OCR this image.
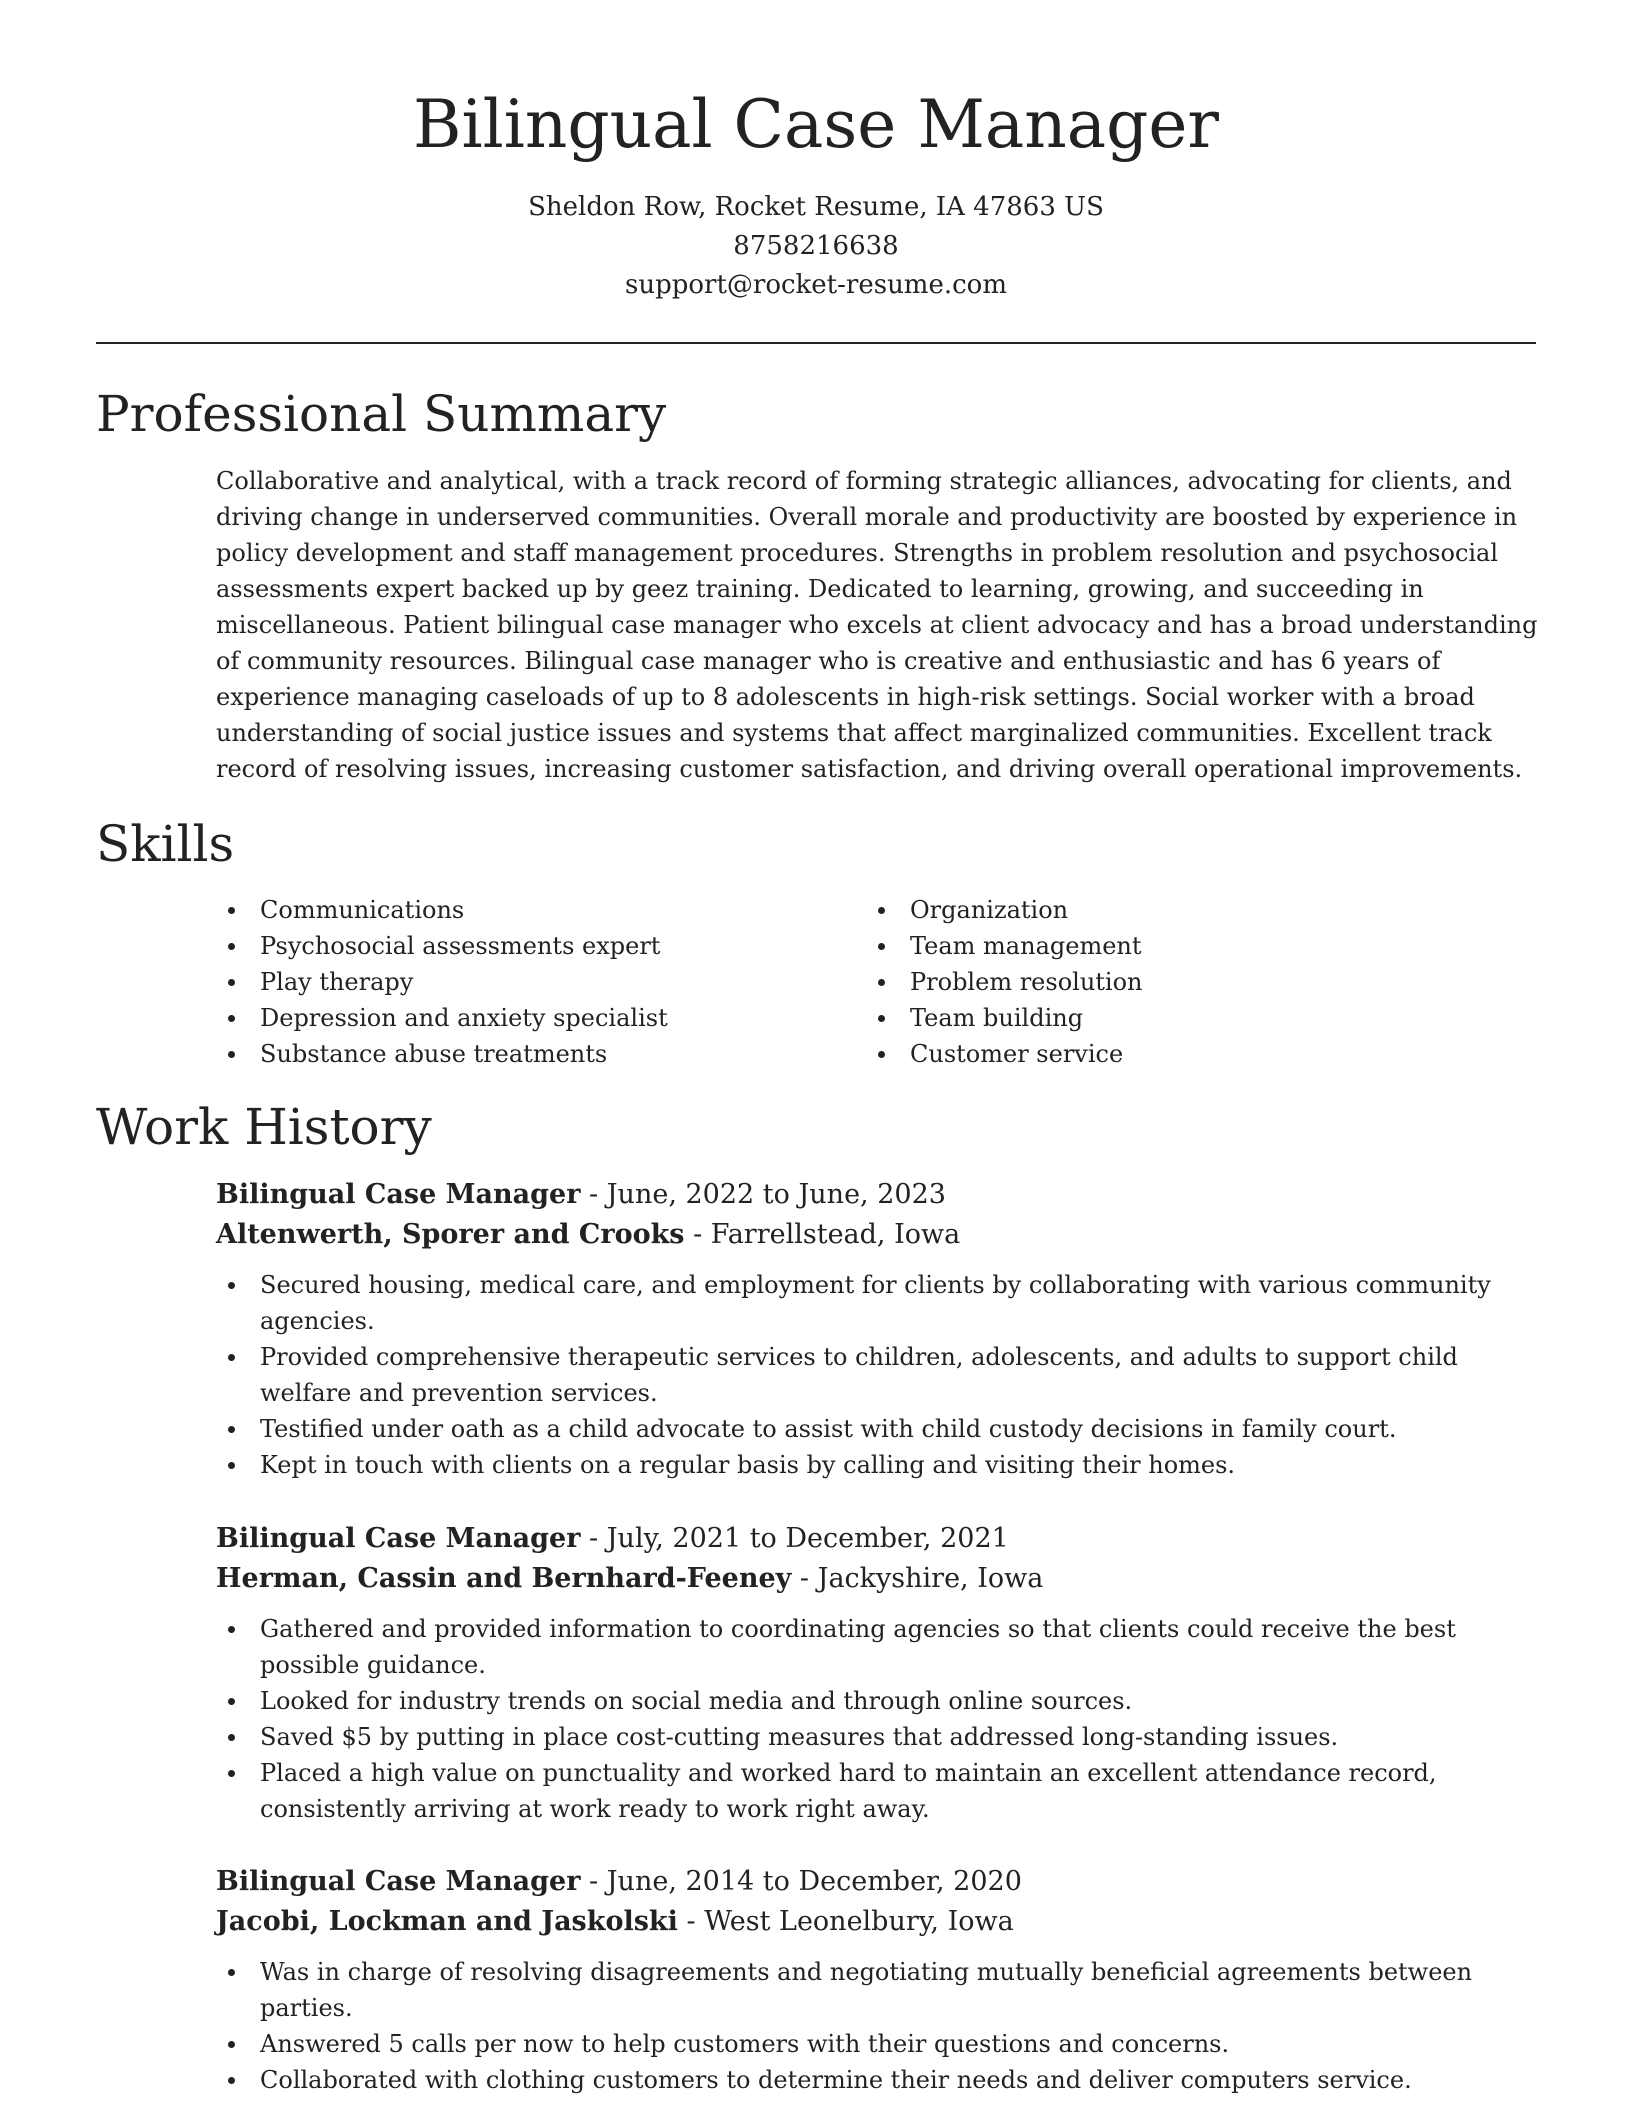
Bilingual Case Manager
Sheldon Row, Rocket Resume, IA 47863 US
8758216638
support@rocket-resume.com
Professional Summary
Collaborative and analytical, with a track record of forming strategic alliances, advocating for clients, and driving change in underserved communities. Overall morale and productivity are boosted by experience in policy development and staff management procedures. Strengths in problem resolution and psychosocial assessments expert backed up by geez training. Dedicated to learning, growing, and succeeding in miscellaneous. Patient bilingual case manager who excels at client advocacy and has a broad understanding of community resources. Bilingual case manager who is creative and enthusiastic and has 6 years of experience managing caseloads of up to 8 adolescents in high-risk settings. Social worker with a broad understanding of social justice issues and systems that affect marginalized communities. Excellent track record of resolving issues, increasing customer satisfaction, and driving overall operational improvements.
Skills
Communications
Psychosocial assessments expert
Play therapy
Depression and anxiety specialist
Substance abuse treatments
Organization
Team management
Problem resolution
Team building
Customer service
Work History
Bilingual Case Manager - June, 2022 to June, 2023
Altenwerth, Sporer and Crooks - Farrellstead, Iowa
Secured housing, medical care, and employment for clients by collaborating with various community agencies.
Provided comprehensive therapeutic services to children, adolescents, and adults to support child welfare and prevention services.
Testified under oath as a child advocate to assist with child custody decisions in family court.
Kept in touch with clients on a regular basis by calling and visiting their homes.
Bilingual Case Manager - July, 2021 to December, 2021
Herman, Cassin and Bernhard-Feeney - Jackyshire, Iowa
Gathered and provided information to coordinating agencies so that clients could receive the best possible guidance.
Looked for industry trends on social media and through online sources.
Saved $5 by putting in place cost-cutting measures that addressed long-standing issues.
Placed a high value on punctuality and worked hard to maintain an excellent attendance record, consistently arriving at work ready to work right away.
Bilingual Case Manager - June, 2014 to December, 2020
Jacobi, Lockman and Jaskolski - West Leonelbury, Iowa
Was in charge of resolving disagreements and negotiating mutually beneficial agreements between parties.
Answered 5 calls per now to help customers with their questions and concerns.
Collaborated with clothing customers to determine their needs and deliver computers service.
